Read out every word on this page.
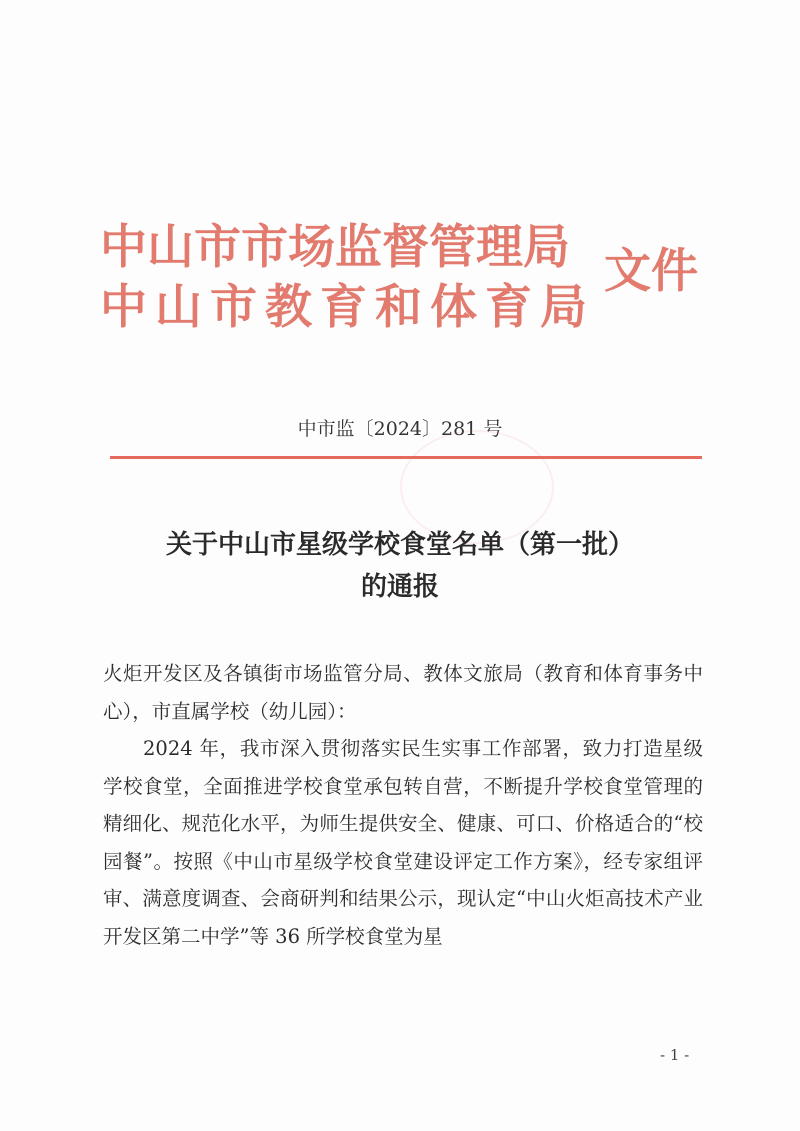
中山市市场监督管理局
中山市教育和体育局
文件
中市监〔2024〕281 号
关于中山市星级学校食堂名单（第一批）
的通报

火炬开发区及各镇街市场监管分局、教体文旅局（教育和体育事务中心），市直属学校（幼儿园）：

2024 年，我市深入贯彻落实民生实事工作部署，致力打造星级学校食堂，全面推进学校食堂承包转自营，不断提升学校食堂管理的精细化、规范化水平，为师生提供安全、健康、可口、价格适合的“校园餐”。按照《中山市星级学校食堂建设评定工作方案》，经专家组评审、满意度调查、会商研判和结果公示，现认定“中山火炬高技术产业开发区第二中学”等 36 所学校食堂为星

- 1 -
